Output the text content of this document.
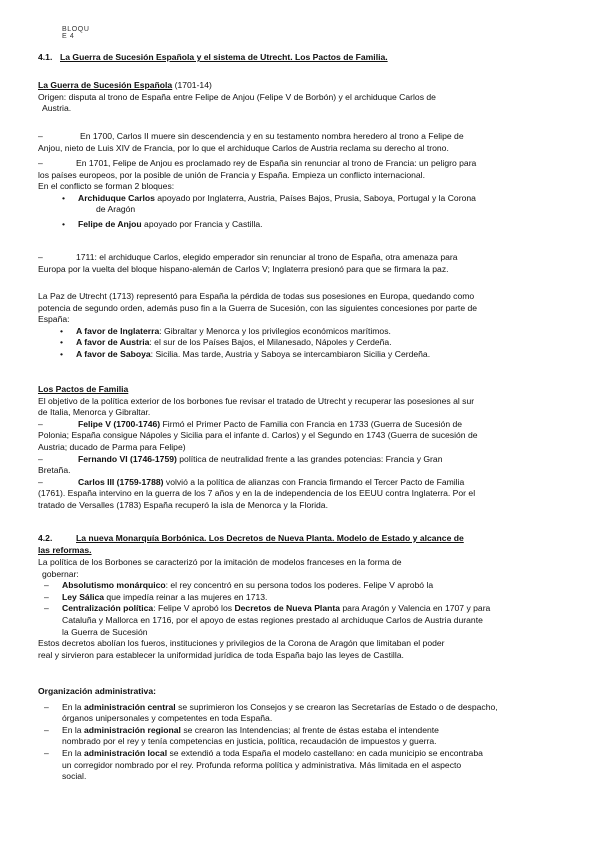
BLOQU
E 4
4.1. La Guerra de Sucesión Española y el sistema de Utrecht. Los Pactos de Familia.

La Guerra de Sucesión Española (1701-14)

Origen: disputa al trono de España entre Felipe de Anjou (Felipe V de Borbón) y el archiduque Carlos de

Austria.

–	En 1700, Carlos II muere sin descendencia y en su testamento nombra heredero al trono a Felipe de

Anjou, nieto de Luis XIV de Francia, por lo que el archiduque Carlos de Austria reclama su derecho al trono.

–	En 1701, Felipe de Anjou es proclamado rey de España sin renunciar al trono de Francia: un peligro para

los países europeos, por la posible de unión de Francia y España. Empieza un conflicto internacional.

En el conflicto se forman 2 bloques:

• Archiduque Carlos apoyado por Inglaterra, Austria, Países Bajos, Prusia, Saboya, Portugal y la Corona

de Aragón

• Felipe de Anjou apoyado por Francia y Castilla.

–	1711: el archiduque Carlos, elegido emperador sin renunciar al trono de España, otra amenaza para

Europa por la vuelta del bloque hispano-alemán de Carlos V; Inglaterra presionó para que se firmara la paz.

La Paz de Utrecht (1713) representó para España la pérdida de todas sus posesiones en Europa, quedando como

potencia de segundo orden, además puso fin a la Guerra de Sucesión, con las siguientes concesiones por parte de

España:

• A favor de Inglaterra: Gibraltar y Menorca y los privilegios económicos marítimos.

• A favor de Austria: el sur de los Países Bajos, el Milanesado, Nápoles y Cerdeña.

• A favor de Saboya: Sicilia. Mas tarde, Austria y Saboya se intercambiaron Sicilia y Cerdeña.

Los Pactos de Familia

El objetivo de la política exterior de los borbones fue revisar el tratado de Utrecht y recuperar las posesiones al sur

de Italia, Menorca y Gibraltar.

–	Felipe V (1700-1746) Firmó el Primer Pacto de Familia con Francia en 1733 (Guerra de Sucesión de

Polonia; España consigue Nápoles y Sicilia para el infante d. Carlos) y el Segundo en 1743 (Guerra de sucesión de

Austria; ducado de Parma para Felipe)

–	Fernando VI (1746-1759) política de neutralidad frente a las grandes potencias: Francia y Gran

Bretaña.

–	Carlos III (1759-1788) volvió a la política de alianzas con Francia firmando el Tercer Pacto de Familia

(1761). España intervino en la guerra de los 7 años y en la de independencia de los EEUU contra Inglaterra. Por el

tratado de Versalles (1783) España recuperó la isla de Menorca y la Florida.

4.2.	La nueva Monarquía Borbónica. Los Decretos de Nueva Planta. Modelo de Estado y alcance de

las reformas.

La política de los Borbones se caracterizó por la imitación de modelos franceses en la forma de

gobernar:

– Absolutismo monárquico: el rey concentró en su persona todos los poderes. Felipe V aprobó la

– Ley Sálica que impedía reinar a las mujeres en 1713.

– Centralización política: Felipe V aprobó los Decretos de Nueva Planta para Aragón y Valencia en 1707 y para

Cataluña y Mallorca en 1716, por el apoyo de estas regiones prestado al archiduque Carlos de Austria durante

la Guerra de Sucesión

Estos decretos abolían los fueros, instituciones y privilegios de la Corona de Aragón que limitaban el poder

real y sirvieron para establecer la uniformidad jurídica de toda España bajo las leyes de Castilla.

Organización administrativa:

– En la administración central se suprimieron los Consejos y se crearon las Secretarías de Estado o de despacho,

órganos unipersonales y competentes en toda España.

– En la administración regional se crearon las Intendencias; al frente de éstas estaba el intendente

nombrado por el rey y tenía competencias en justicia, política, recaudación de impuestos y guerra.

– En la administración local se extendió a toda España el modelo castellano: en cada municipio se encontraba

un corregidor nombrado por el rey. Profunda reforma política y administrativa. Más limitada en el aspecto

social.
